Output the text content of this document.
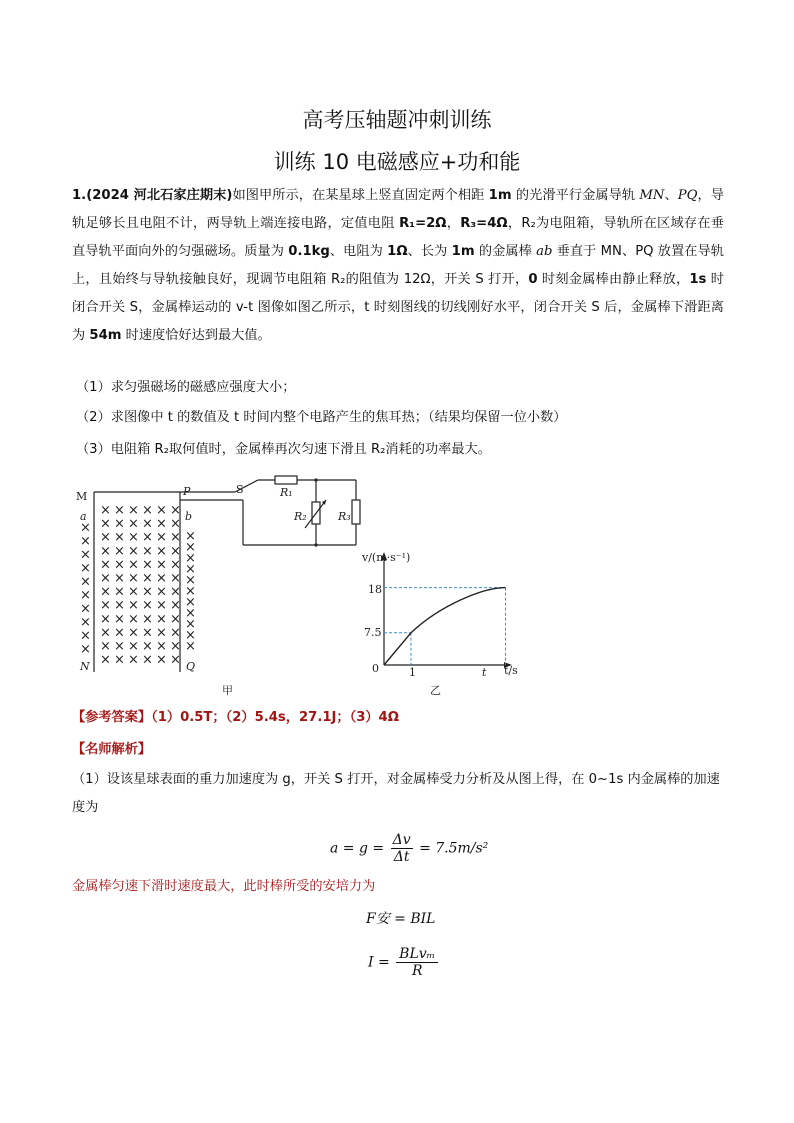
高考压轴题冲刺训练
训练 10 电磁感应+功和能
1.(2024 河北石家庄期末)如图甲所示，在某星球上竖直固定两个相距 1m 的光滑平行金属导轨 MN、PQ，导轨足够长且电阻不计，两导轨上端连接电路，定值电阻 R₁=2Ω，R₃=4Ω，R₂为电阻箱，导轨所在区域存在垂直导轨平面向外的匀强磁场。质量为 0.1kg、电阻为 1Ω、长为 1m 的金属棒 ab 垂直于 MN、PQ 放置在导轨上，且始终与导轨接触良好，现调节电阻箱 R₂的阻值为 12Ω，开关 S 打开，0 时刻金属棒由静止释放，1s 时闭合开关 S，金属棒运动的 v-t 图像如图乙所示，t 时刻图线的切线刚好水平，闭合开关 S 后，金属棒下滑距离为 54m 时速度恰好达到最大值。
（1）求匀强磁场的磁感应强度大小；
（2）求图像中 t 的数值及 t 时间内整个电路产生的焦耳热；（结果均保留一位小数）
（3）电阻箱 R₂取何值时，金属棒再次匀速下滑且 R₂消耗的功率最大。
× × × × × ×
×
× × × × × × ×
×
× × × × × × ×
×
× × × × × × ×
×
× × × × × × ×
×
× × × × × × ×
×
× × × × × × ×
×
× × × × × × ×
×
× × × × × × × ×
× × × × × × × ×
× × × × × × × ×
× × × × × ×
M
a
P
b
N	Q
S	R₁
R₂	R₃
甲
v/(m·s⁻¹)
t/s
18
7.5
0	1	t
乙
【参考答案】（1）0.5T；（2）5.4s，27.1J；（3）4Ω
【名师解析】
（1）设该星球表面的重力加速度为 g，开关 S 打开，对金属棒受力分析及从图上得，在 0~1s 内金属棒的加速度为
$a = g = \frac{\Delta v}{\Delta t} = 7.5m/s^2$
金属棒匀速下滑时速度最大，此时棒所受的安培力为
F安 = BIL
I =
BLvₘ
R
